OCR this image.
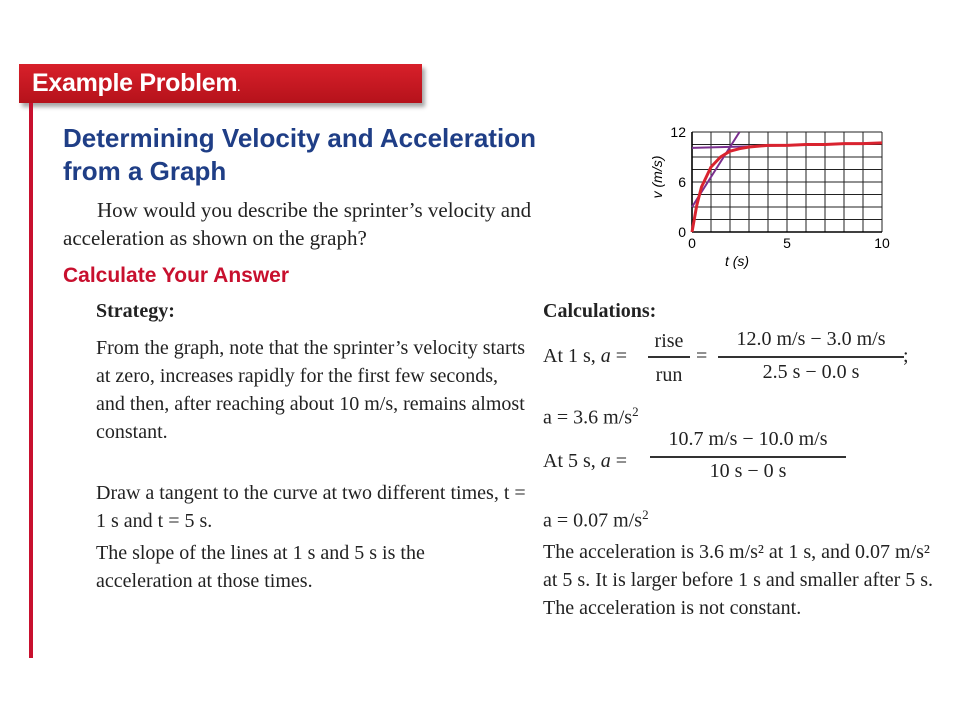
Example Problem.
Determining Velocity and Acceleration
from a Graph

How would you describe the sprinter’s velocity and acceleration as shown on the graph?	0	5	10
0
6
12
t (s)
v (m/s)
Calculate Your Answer
Strategy:

From the graph, note that the sprinter’s velocity starts at zero, increases rapidly for the first few seconds, and then, after reaching about 10 m/s, remains almost constant.

Draw a tangent to the curve at two different times, t = 1 s and t = 5 s.

The slope of the lines at 1 s and 5 s is the acceleration at those times.

Calculations:
At 1 s, a =
rise
run
=
12.0 m/s − 3.0 m/s
2.5 s − 0.0 s
;
a = 3.6 $m/s^2$
At 5 s, a =
10.7 m/s − 10.0 m/s
10 s − 0 s
a = 0.07 $m/s^2$

The acceleration is 3.6 m/s² at 1 s, and 0.07 m/s² at 5 s. It is larger before 1 s and smaller after 5 s. The acceleration is not constant.
